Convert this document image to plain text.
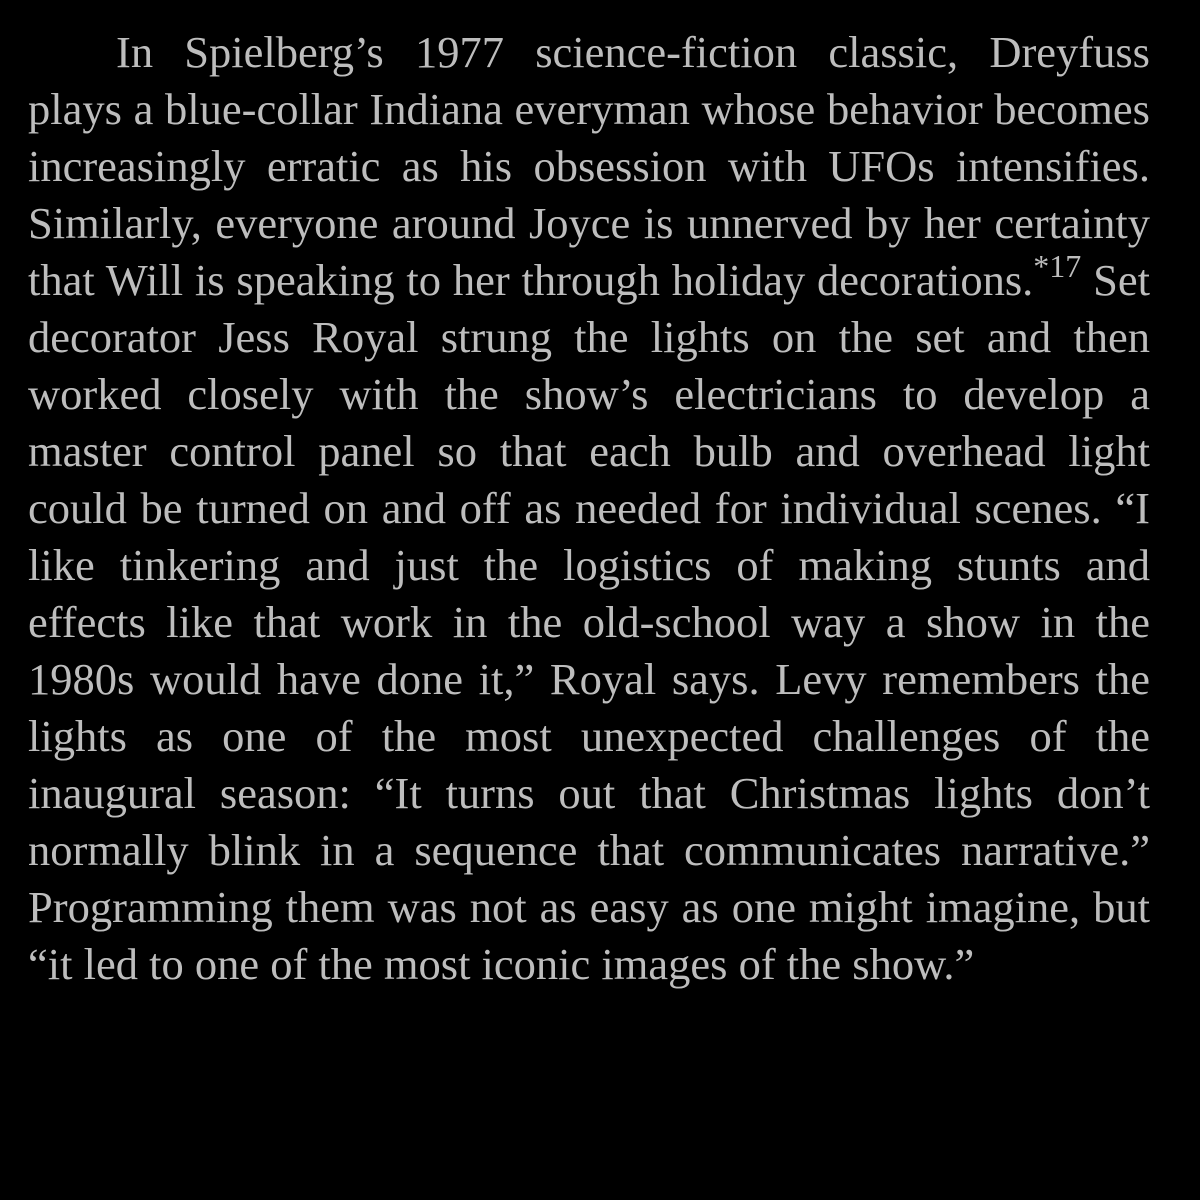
In Spielberg’s 1977 science-fiction classic, Dreyfuss plays a blue-collar Indiana everyman whose behavior becomes increasingly erratic as his obsession with UFOs intensifies. Similarly, everyone around Joyce is unnerved by her certainty that Will is speaking to her through holiday decorations.$^{*17}$ Set decorator Jess Royal strung the lights on the set and then worked closely with the show’s electricians to develop a master control panel so that each bulb and overhead light could be turned on and off as needed for individual scenes. “I like tinkering and just the logistics of making stunts and effects like that work in the old-school way a show in the 1980s would have done it,” Royal says. Levy remembers the lights as one of the most unexpected challenges of the inaugural season: “It turns out that Christmas lights don’t normally blink in a sequence that communicates narrative.” Programming them was not as easy as one might imagine, but “it led to one of the most iconic images of the show.”
